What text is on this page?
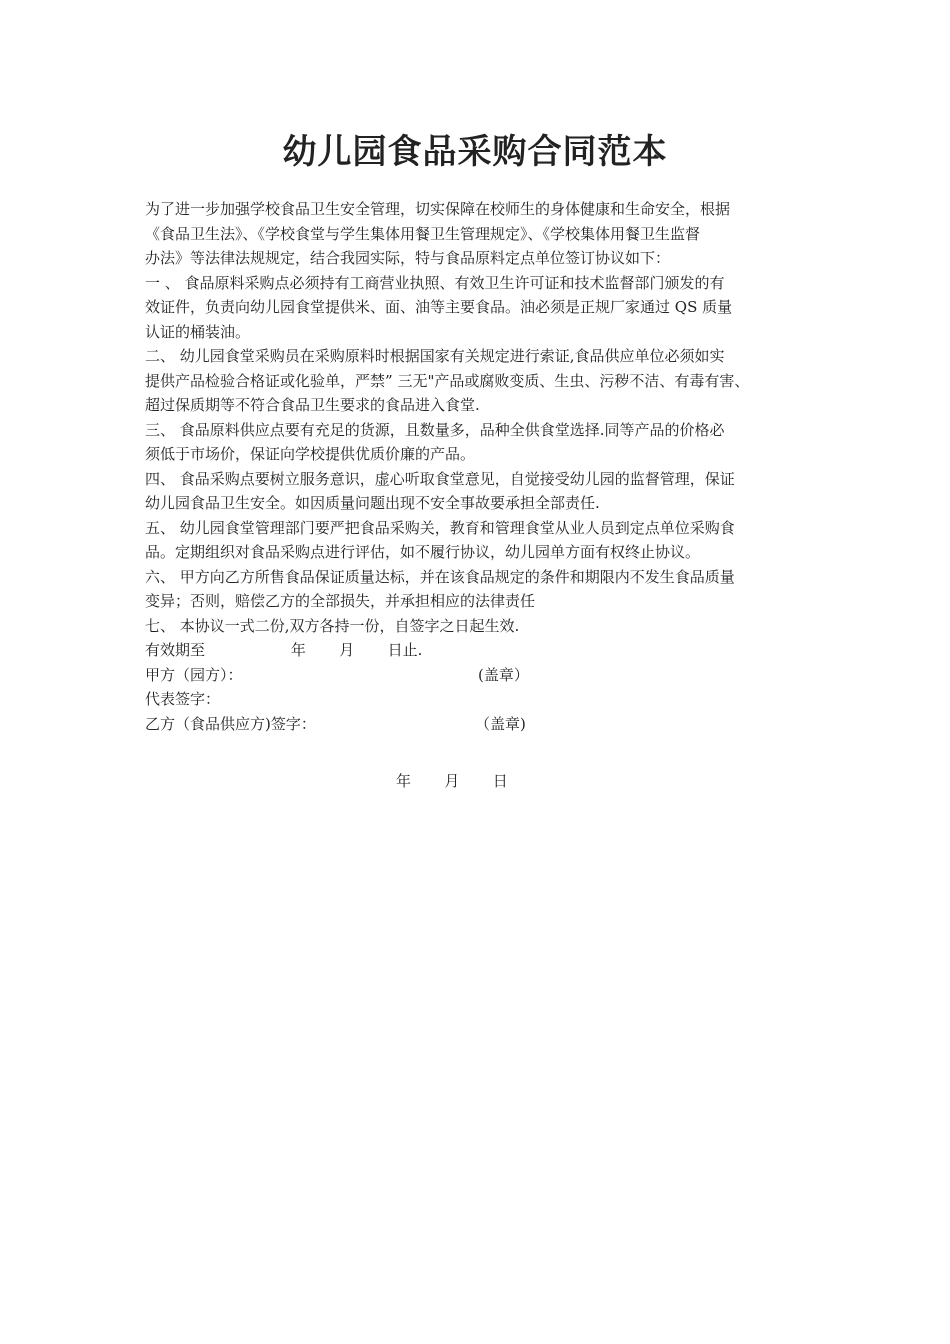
幼儿园食品采购合同范本

为了进一步加强学校食品卫生安全管理，切实保障在校师生的身体健康和生命安全，根据
《食品卫生法》、《学校食堂与学生集体用餐卫生管理规定》、《学校集体用餐卫生监督
办法》等法律法规规定，结合我园实际，特与食品原料定点单位签订协议如下：

一 、 食品原料采购点必须持有工商营业执照、有效卫生许可证和技术监督部门颁发的有
效证件，负责向幼儿园食堂提供米、面、油等主要食品。油必须是正规厂家通过 QS 质量
认证的桶装油。

二、 幼儿园食堂采购员在采购原料时根据国家有关规定进行索证,食品供应单位必须如实
提供产品检验合格证或化验单，严禁” 三无"产品或腐败变质、生虫、污秽不洁、有毒有害、
超过保质期等不符合食品卫生要求的食品进入食堂.

三、 食品原料供应点要有充足的货源，且数量多，品种全供食堂选择.同等产品的价格必
须低于市场价，保证向学校提供优质价廉的产品。

四、 食品采购点要树立服务意识，虚心听取食堂意见，自觉接受幼儿园的监督管理，保证
幼儿园食品卫生安全。如因质量问题出现不安全事故要承担全部责任.

五、 幼儿园食堂管理部门要严把食品采购关，教育和管理食堂从业人员到定点单位采购食
品。定期组织对食品采购点进行评估，如不履行协议，幼儿园单方面有权终止协议。

六、 甲方向乙方所售食品保证质量达标，并在该食品规定的条件和期限内不发生食品质量
变异；否则，赔偿乙方的全部损失，并承担相应的法律责任

七、 本协议一式二份,双方各持一份，自签字之日起生效.

有效期至                  年       月       日止.
甲方（园方）：	(盖章）
代表签字：
乙方（食品供应方)签字：	（盖章)
年       月       日
